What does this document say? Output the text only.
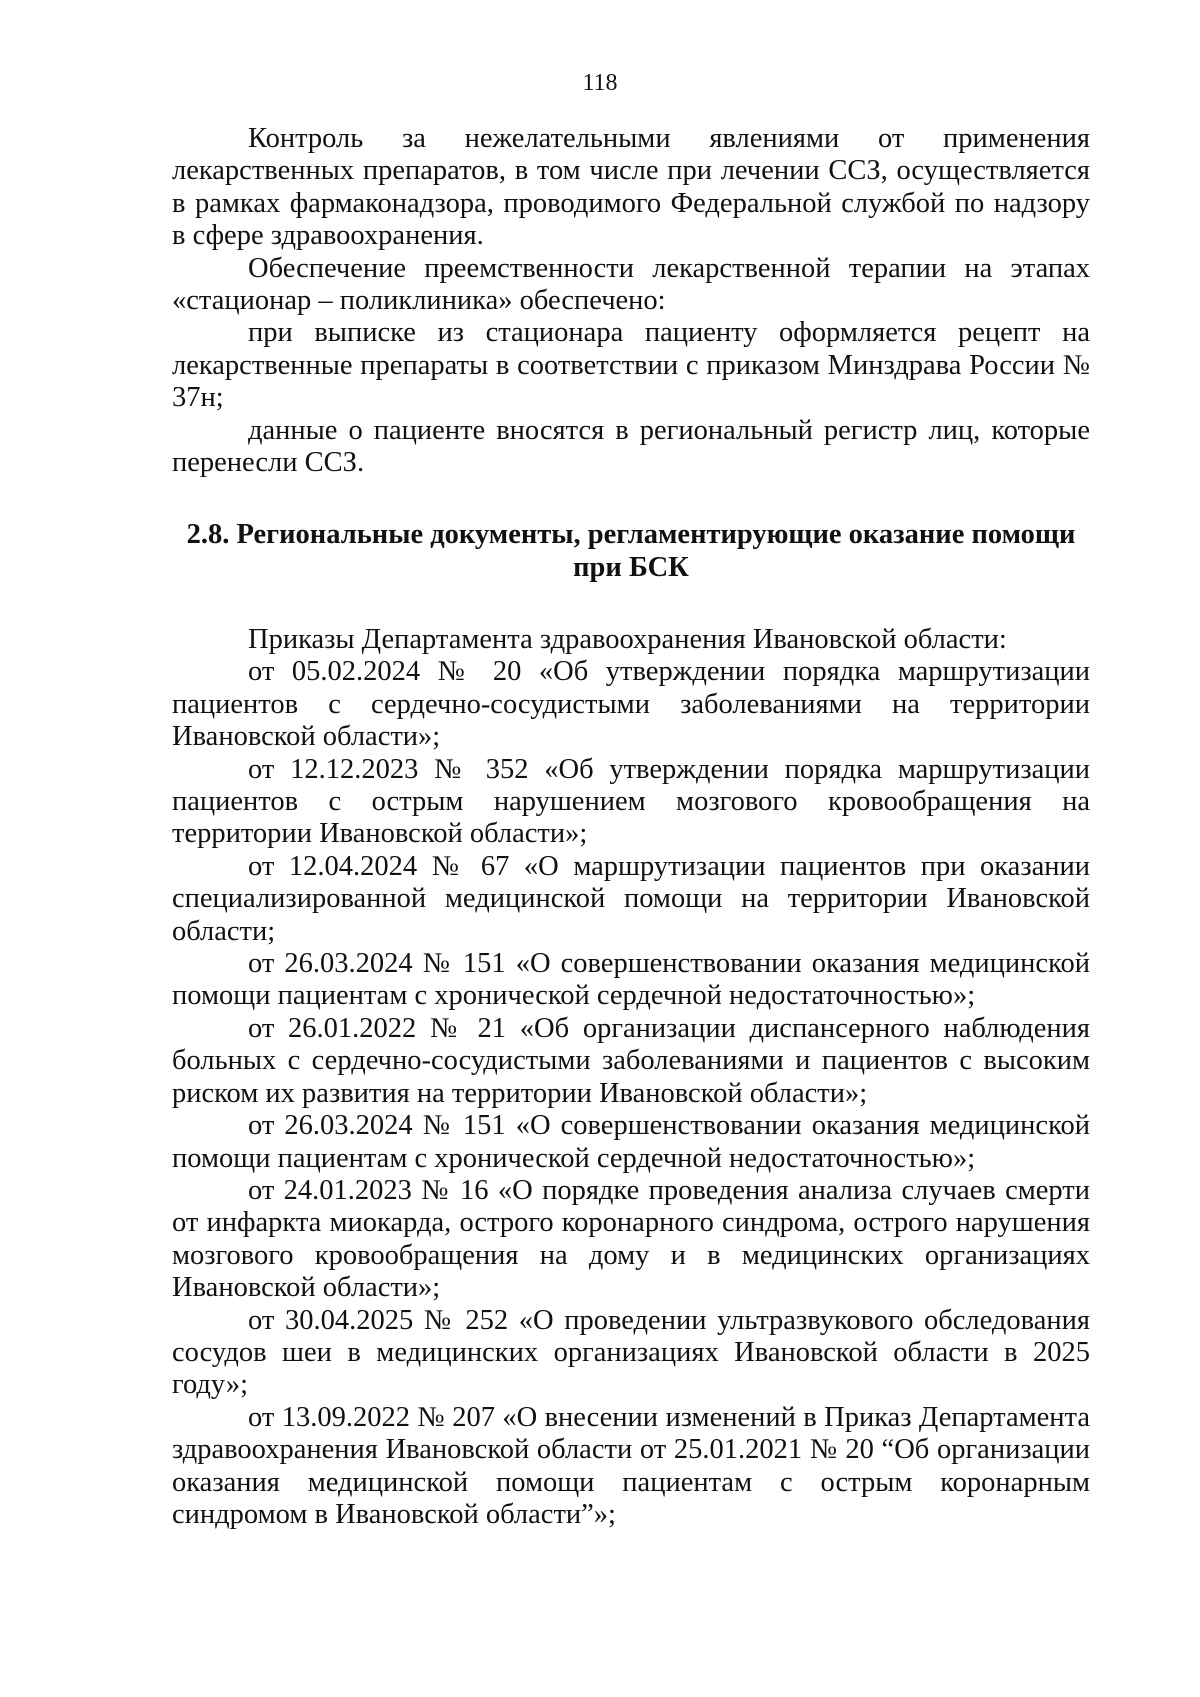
118

Контроль за нежелательными явлениями от применения лекарственных препаратов, в том числе при лечении ССЗ, осуществляется в рамках фармаконадзора, проводимого Федеральной службой по надзору в сфере здравоохранения.

Обеспечение преемственности лекарственной терапии на этапах «стационар – поликлиника» обеспечено:

при выписке из стационара пациенту оформляется рецепт на лекарственные препараты в соответствии с приказом Минздрава России № 37н;

данные о пациенте вносятся в региональный регистр лиц, которые перенесли ССЗ.

2.8. Региональные документы, регламентирующие оказание помощи при БСК

Приказы Департамента здравоохранения Ивановской области:

от 05.02.2024 № 20 «Об утверждении порядка маршрутизации пациентов с сердечно-сосудистыми заболеваниями на территории Ивановской области»;

от 12.12.2023 № 352 «Об утверждении порядка маршрутизации пациентов с острым нарушением мозгового кровообращения на территории Ивановской области»;

от 12.04.2024 № 67 «О маршрутизации пациентов при оказании специализированной медицинской помощи на территории Ивановской области;

от 26.03.2024 № 151 «О совершенствовании оказания медицинской помощи пациентам с хронической сердечной недостаточностью»;

от 26.01.2022 № 21 «Об организации диспансерного наблюдения больных с сердечно-сосудистыми заболеваниями и пациентов с высоким риском их развития на территории Ивановской области»;

от 26.03.2024 № 151 «О совершенствовании оказания медицинской помощи пациентам с хронической сердечной недостаточностью»;

от 24.01.2023 № 16 «О порядке проведения анализа случаев смерти от инфаркта миокарда, острого коронарного синдрома, острого нарушения мозгового кровообращения на дому и в медицинских организациях Ивановской области»;

от 30.04.2025 № 252 «О проведении ультразвукового обследования сосудов шеи в медицинских организациях Ивановской области в 2025 году»;

от 13.09.2022 № 207 «О внесении изменений в Приказ Департамента здравоохранения Ивановской области от 25.01.2021 № 20 “Об организации оказания медицинской помощи пациентам с острым коронарным синдромом в Ивановской области”»;
